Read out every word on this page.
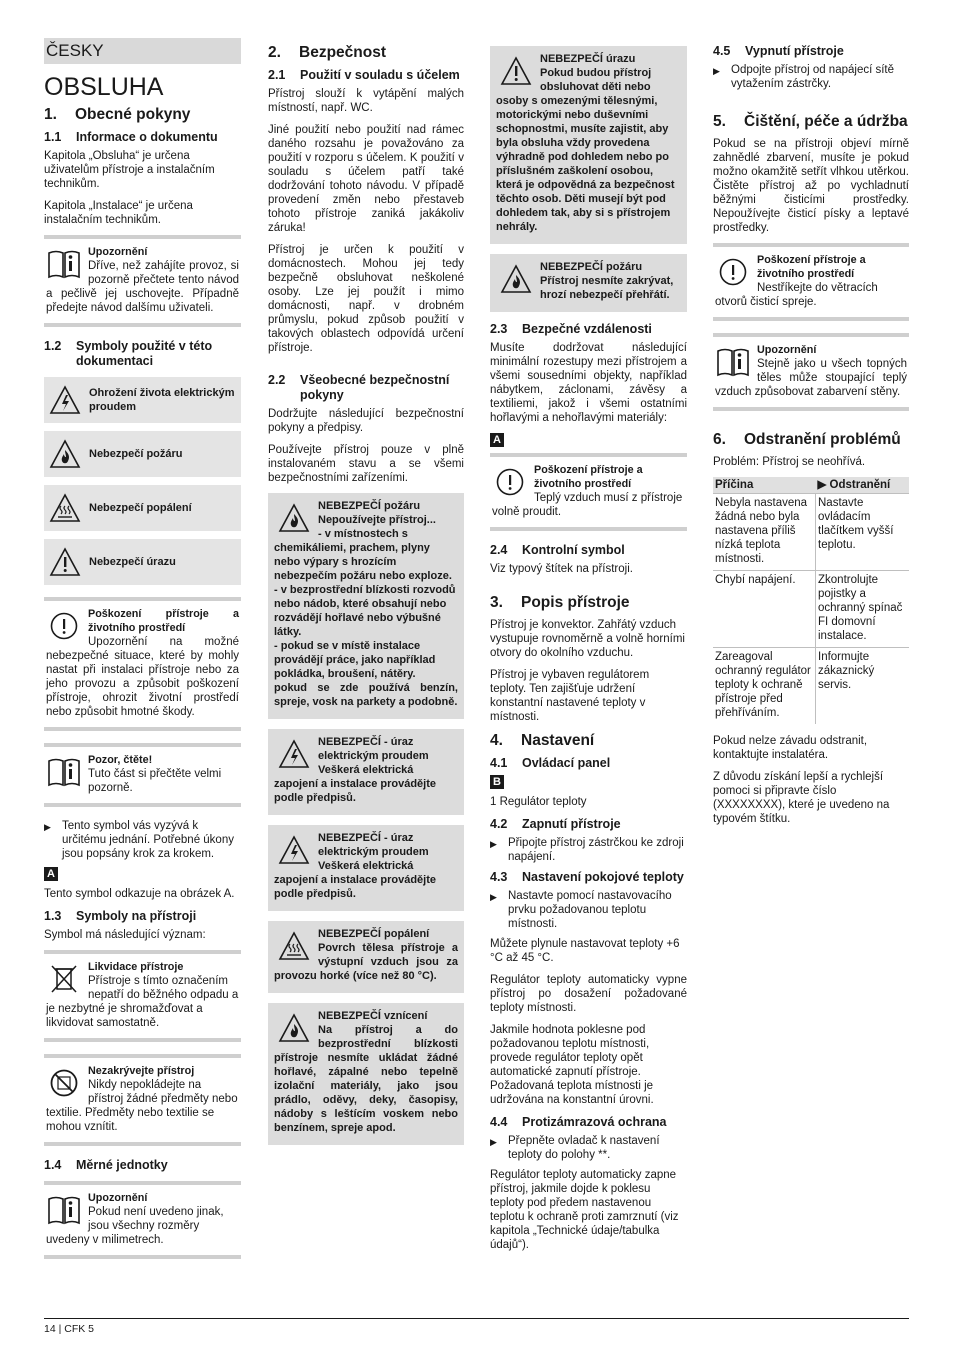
ČESKY
OBSLUHA
1.	Obecné pokyny
1.1	Informace o dokumentu

Kapitola „Obsluha“ je určena uživatelům přístroje a instalačním technikům.

Kapitola „Instalace“ je určena instalačním technikům.

Upozornění
Dříve, než zahájíte provoz, si pozorně přečtete tento návod a pečlivě jej uschovejte. Případně předejte návod dalšímu uživateli.
1.2	Symboly použité v této dokumentaci
Ohrožení života elektrickým proudem
Nebezpečí požáru
Nebezpečí popálení
Nebezpečí úrazu
Poškození přístroje a životního prostředí
Upozornění na možné nebezpečné situace, které by mohly nastat při instalaci přístroje nebo za jeho provozu a způsobit poškození přístroje, ohrozit životní prostředí nebo způsobit hmotné škody.
Pozor, čtěte!
Tuto část si přečtěte velmi pozorně.
▶ Tento symbol vás vyzývá k určitému jednání. Potřebné úkony jsou popsány krok za krokem.
A

Tento symbol odkazuje na obrázek A.

1.3	Symboly na přístroji

Symbol má následující význam:

Likvidace přístroje
Přístroje s tímto označením nepatří do běžného odpadu a je nezbytné je shromažďovat a likvidovat samostatně.
Nezakrývejte přístroj
Nikdy nepokládejte na přístroj žádné předměty nebo textilie. Předměty nebo textilie se mohou vznítit.
1.4	Měrné jednotky
Upozornění
Pokud není uvedeno jinak, jsou všechny rozměry uvedeny v milimetrech.
2.	Bezpečnost
2.1	Použití v souladu s účelem

Přístroj slouží k vytápění malých místností, např. WC.

Jiné použití nebo použití nad rámec daného rozsahu je považováno za použití v rozporu s účelem. K použití v souladu s účelem patří také dodržování tohoto návodu. V případě provedení změn nebo přestaveb tohoto přístroje zaniká jakákoliv záruka!

Přístroj je určen k použití v domácnostech. Mohou jej tedy bezpečně obsluhovat neškolené osoby. Lze jej použít i mimo domácnosti, např. v drobném průmyslu, pokud způsob použití v takových oblastech odpovídá určení přístroje.

2.2	Všeobecné bezpečnostní pokyny

Dodržujte následující bezpečnostní pokyny a předpisy.

Používejte přístroj pouze v plně instalovaném stavu a se všemi bezpečnostními zařízeními.

NEBEZPEČÍ požáru
Nepoužívejte přístroj...
- v místnostech s chemikáliemi, prachem, plyny nebo výpary s hrozícím nebezpečím požáru nebo exploze.
- v bezprostřední blízkosti rozvodů nebo nádob, které obsahují nebo rozvádějí hořlavé nebo výbušné látky.
- pokud se v místě instalace provádějí práce, jako například pokládka, broušení, nátěry.
pokud se zde používá benzín, spreje, vosk na parkety a podobně.
NEBEZPEČÍ - úraz elektrickým proudem
Veškerá elektrická zapojení a instalace provádějte podle předpisů.
NEBEZPEČÍ - úraz elektrickým proudem
Veškerá elektrická zapojení a instalace provádějte podle předpisů.
NEBEZPEČÍ popálení
Povrch tělesa přístroje a výstupní vzduch jsou za provozu horké (více než 80 °C).
NEBEZPEČÍ vznícení
Na přístroj a do bezprostřední blízkosti přístroje nesmíte ukládat žádné hořlavé, zápalné nebo tepelně izolační materiály, jako jsou prádlo, oděvy, deky, časopisy, nádoby s leštícím voskem nebo benzínem, spreje apod.
NEBEZPEČÍ úrazu
Pokud budou přístroj obsluhovat děti nebo osoby s omezenými tělesnými, motorickými nebo duševními schopnostmi, musíte zajistit, aby byla obsluha vždy provedena výhradně pod dohledem nebo po příslušném zaškolení osobou, která je odpovědná za bezpečnost těchto osob. Děti musejí být pod dohledem tak, aby si s přístrojem nehrály.
NEBEZPEČÍ požáru
Přístroj nesmíte zakrývat, hrozí nebezpečí přehřátí.
2.3	Bezpečné vzdálenosti

Musíte dodržovat následující minimální rozestupy mezi přístrojem a všemi sousedními objekty, například nábytkem, záclonami, závěsy a textiliemi, jakož i všemi ostatními hořlavými a nehořlavými materiály:

A
Poškození přístroje a životního prostředí
Teplý vzduch musí z přístroje volně proudit.
2.4	Kontrolní symbol

Viz typový štítek na přístroji.

3.	Popis přístroje

Přístroj je konvektor. Zahřátý vzduch vystupuje rovnoměrně a volně horními otvory do okolního vzduchu.

Přístroj je vybaven regulátorem teploty. Ten zajišťuje udržení konstantní nastavené teploty v místnosti.

4.	Nastavení
4.1	Ovládací panel
B

1 Regulátor teploty

4.2	Zapnutí přístroje
▶ Připojte přístroj zástrčkou ke zdroji napájení.
4.3	Nastavení pokojové teploty
▶ Nastavte pomocí nastavovacího prvku požadovanou teplotu místnosti.

Můžete plynule nastavovat teploty +6 °C až 45 °C.

Regulátor teploty automaticky vypne přístroj po dosažení požadované teploty místnosti.

Jakmile hodnota poklesne pod požadovanou teplotu místnosti, provede regulátor teploty opět automatické zapnutí přístroje. Požadovaná teplota místnosti je udržována na konstantní úrovni.

4.4	Protizámrazová ochrana
▶ Přepněte ovladač k nastavení teploty do polohy **.

Regulátor teploty automaticky zapne přístroj, jakmile dojde k poklesu teploty pod předem nastavenou teplotu k ochraně proti zamrznutí (viz kapitola „Technické údaje/tabulka údajů“).

4.5	Vypnutí přístroje
▶ Odpojte přístroj od napájecí sítě vytažením zástrčky.
5.	Čištění, péče a údržba

Pokud se na přístroji objeví mírně zahnědlé zbarvení, musíte je pokud možno okamžitě setřít vlhkou utěrkou. Čistěte přístroj až po vychladnutí běžnými čisticími prostředky. Nepoužívejte čisticí písky a leptavé prostředky.

Poškození přístroje a životního prostředí
Nestříkejte do větracích otvorů čisticí spreje.
Upozornění
Stejně jako u všech topných těles může stoupající teplý vzduch způsobovat zabarvení stěny.
6.	Odstranění problémů

Problém: Přístroj se neohřívá.

Příčina	▶ Odstranění
Nebyla nastavena žádná nebo byla nastavena příliš nízká teplota místnosti.	Nastavte ovládacím tlačítkem vyšší teplotu.
Chybí napájení.	Zkontrolujte pojistky a ochranný spínač FI domovní instalace.
Zareagoval ochranný regulátor teploty k ochraně přístroje před přehříváním.	Informujte zákaznický servis.

Pokud nelze závadu odstranit, kontaktujte instalatéra.

Z důvodu získání lepší a rychlejší pomoci si připravte číslo (XXXXXXXX), které je uvedeno na typovém štítku.

14 | CFK 5
